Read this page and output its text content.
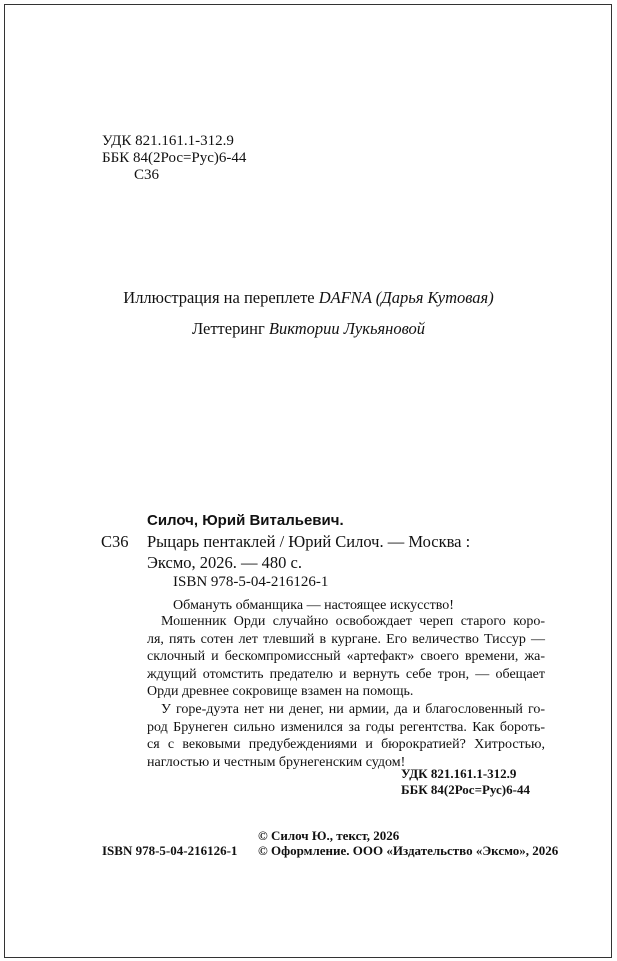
УДК 821.161.1-312.9
ББК 84(2Рос=Рус)6-44
С36
Иллюстрация на переплете DAFNA (Дарья Кутовая)
Леттеринг Виктории Лукьяновой
Силоч, Юрий Витальевич.
С36 Рыцарь пентаклей / Юрий Силоч. — Москва :
Эксмо, 2026. — 480 с.
ISBN 978-5-04-216126-1
Обмануть обманщика — настоящее искусство!
Мошенник Орди случайно освобождает череп старого коро-
ля, пять сотен лет тлевший в кургане. Его величество Тиссур —
склочный и бескомпромиссный «артефакт» своего времени, жа-
ждущий отомстить предателю и вернуть себе трон, — обещает
Орди древнее сокровище взамен на помощь.
У горе-дуэта нет ни денег, ни армии, да и благословенный го-
род Брунеген сильно изменился за годы регентства. Как бороть-
ся с вековыми предубеждениями и бюрократией? Хитростью,
наглостью и честным брунегенским судом!
УДК 821.161.1-312.9
ББК 84(2Рос=Рус)6-44
© Силоч Ю., текст, 2026
ISBN 978-5-04-216126-1 © Оформление. ООО «Издательство «Эксмо», 2026
